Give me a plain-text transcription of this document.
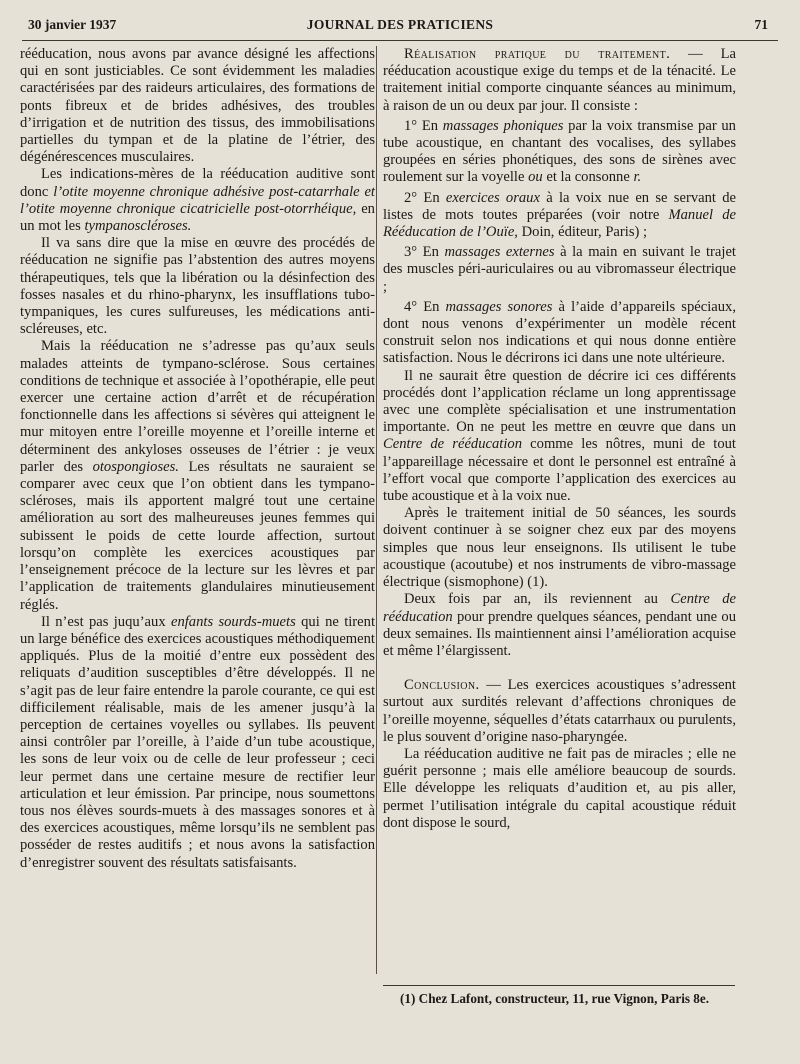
30 janvier 1937	JOURNAL DES PRATICIENS	71

rééducation, nous avons par avance désigné les affections qui en sont justiciables. Ce sont évidemment les maladies caractérisées par des raideurs articulaires, des formations de ponts fibreux et de brides adhésives, des troubles d’irrigation et de nutrition des tissus, des immobilisations partielles du tympan et de la platine de l’étrier, des dégénérescences musculaires.

Les indications-mères de la rééducation auditive sont donc l’otite moyenne chronique adhésive post-catarrhale et l’otite moyenne chronique cicatricielle post-otorrhéique, en un mot les tympanoscléroses.

Il va sans dire que la mise en œuvre des procédés de rééducation ne signifie pas l’abstention des autres moyens thérapeutiques, tels que la libération ou la désinfection des fosses nasales et du rhino-pharynx, les insufflations tubo-tympaniques, les cures sulfureuses, les médications anti-scléreuses, etc.

Mais la rééducation ne s’adresse pas qu’aux seuls malades atteints de tympano-sclérose. Sous certaines conditions de technique et associée à l’opothérapie, elle peut exercer une certaine action d’arrêt et de récupération fonctionnelle dans les affections si sévères qui atteignent le mur mitoyen entre l’oreille moyenne et l’oreille interne et déterminent des ankyloses osseuses de l’étrier : je veux parler des otospongioses. Les résultats ne sauraient se comparer avec ceux que l’on obtient dans les tympano-scléroses, mais ils apportent malgré tout une certaine amélioration au sort des malheureuses jeunes femmes qui subissent le poids de cette lourde affection, surtout lorsqu’on complète les exercices acoustiques par l’enseignement précoce de la lecture sur les lèvres et par l’application de traitements glandulaires minutieusement réglés.

Il n’est pas juqu’aux enfants sourds-muets qui ne tirent un large bénéfice des exercices acoustiques méthodiquement appliqués. Plus de la moitié d’entre eux possèdent des reliquats d’audition susceptibles d’être développés. Il ne s’agit pas de leur faire entendre la parole courante, ce qui est difficilement réalisable, mais de les amener jusqu’à la perception de certaines voyelles ou syllabes. Ils peuvent ainsi contrôler par l’oreille, à l’aide d’un tube acoustique, les sons de leur voix ou de celle de leur professeur ; ceci leur permet dans une certaine mesure de rectifier leur articulation et leur émission. Par principe, nous soumettons tous nos élèves sourds-muets à des massages sonores et à des exercices acoustiques, même lorsqu’ils ne semblent pas posséder de restes auditifs ; et nous avons la satisfaction d’enregistrer souvent des résultats satisfaisants.

Réalisation pratique du traitement. — La rééducation acoustique exige du temps et de la ténacité. Le traitement initial comporte cinquante séances au minimum, à raison de un ou deux par jour. Il consiste :

1° En massages phoniques par la voix transmise par un tube acoustique, en chantant des vocalises, des syllabes groupées en séries phonétiques, des sons de sirènes avec roulement sur la voyelle ou et la consonne r.

2° En exercices oraux à la voix nue en se servant de listes de mots toutes préparées (voir notre Manuel de Rééducation de l’Ouïe, Doin, éditeur, Paris) ;

3° En massages externes à la main en suivant le trajet des muscles péri-auriculaires ou au vibromasseur électrique ;

4° En massages sonores à l’aide d’appareils spéciaux, dont nous venons d’expérimenter un modèle récent construit selon nos indications et qui nous donne entière satisfaction. Nous le décrirons ici dans une note ultérieure.

Il ne saurait être question de décrire ici ces différents procédés dont l’application réclame un long apprentissage avec une complète spécialisation et une instrumentation importante. On ne peut les mettre en œuvre que dans un Centre de rééducation comme les nôtres, muni de tout l’appareillage nécessaire et dont le personnel est entraîné à l’effort vocal que comporte l’application des exercices au tube acoustique et à la voix nue.

Après le traitement initial de 50 séances, les sourds doivent continuer à se soigner chez eux par des moyens simples que nous leur enseignons. Ils utilisent le tube acoustique (acoutube) et nos instruments de vibro-massage électrique (sismophone) (1).

Deux fois par an, ils reviennent au Centre de rééducation pour prendre quelques séances, pendant une ou deux semaines. Ils maintiennent ainsi l’amélioration acquise et même l’élargissent.

Conclusion. — Les exercices acoustiques s’adressent surtout aux surdités relevant d’affections chroniques de l’oreille moyenne, séquelles d’états catarrhaux ou purulents, le plus souvent d’origine naso-pharyngée.

La rééducation auditive ne fait pas de miracles ; elle ne guérit personne ; mais elle améliore beaucoup de sourds. Elle développe les reliquats d’audition et, au pis aller, permet l’utilisation intégrale du capital acoustique réduit dont dispose le sourd,

(1) Chez Lafont, constructeur, 11, rue Vignon, Paris 8e.
